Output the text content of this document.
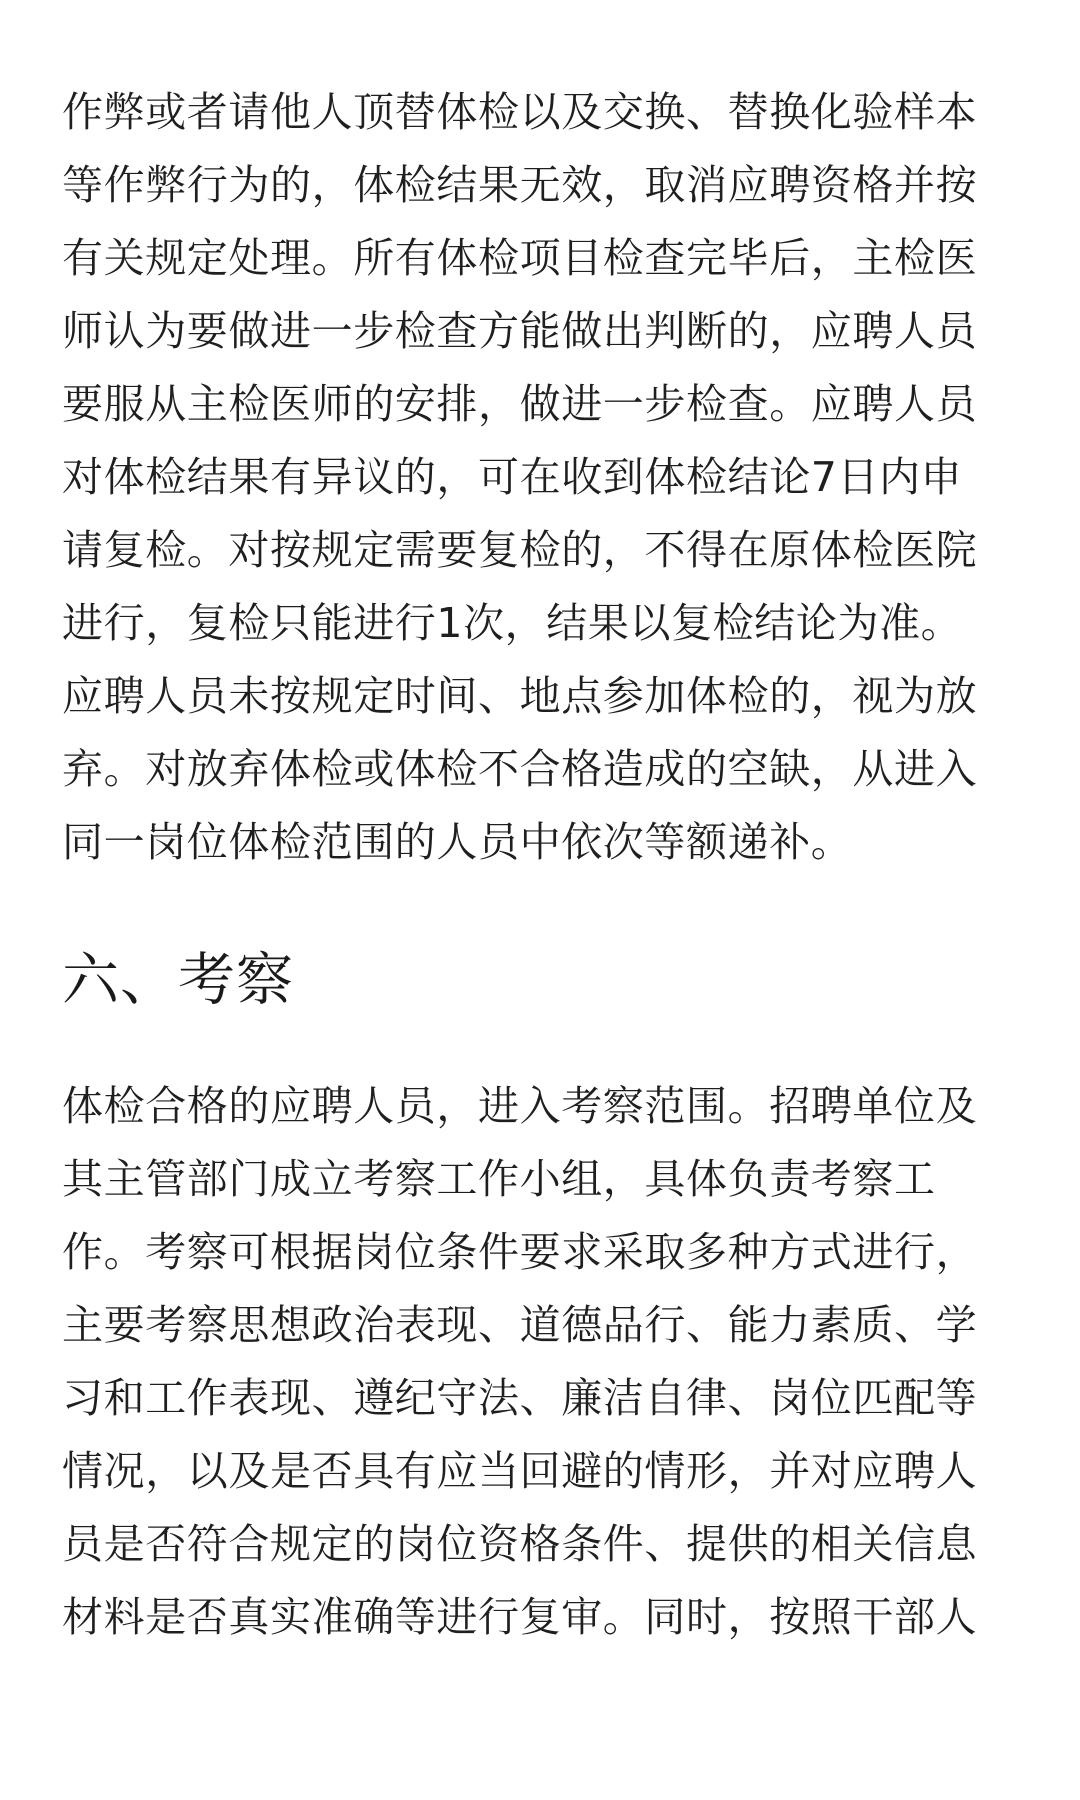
作弊或者请他人顶替体检以及交换、替换化验样本
等作弊行为的，体检结果无效，取消应聘资格并按
有关规定处理。所有体检项目检查完毕后，主检医
师认为要做进一步检查方能做出判断的，应聘人员
要服从主检医师的安排，做进一步检查。应聘人员
对体检结果有异议的，可在收到体检结论7日内申
请复检。对按规定需要复检的，不得在原体检医院
进行，复检只能进行1次，结果以复检结论为准。
应聘人员未按规定时间、地点参加体检的，视为放
弃。对放弃体检或体检不合格造成的空缺，从进入
同一岗位体检范围的人员中依次等额递补。

六、考察

体检合格的应聘人员，进入考察范围。招聘单位及
其主管部门成立考察工作小组，具体负责考察工
作。考察可根据岗位条件要求采取多种方式进行，
主要考察思想政治表现、道德品行、能力素质、学
习和工作表现、遵纪守法、廉洁自律、岗位匹配等
情况，以及是否具有应当回避的情形，并对应聘人
员是否符合规定的岗位资格条件、提供的相关信息
材料是否真实准确等进行复审。同时，按照干部人
